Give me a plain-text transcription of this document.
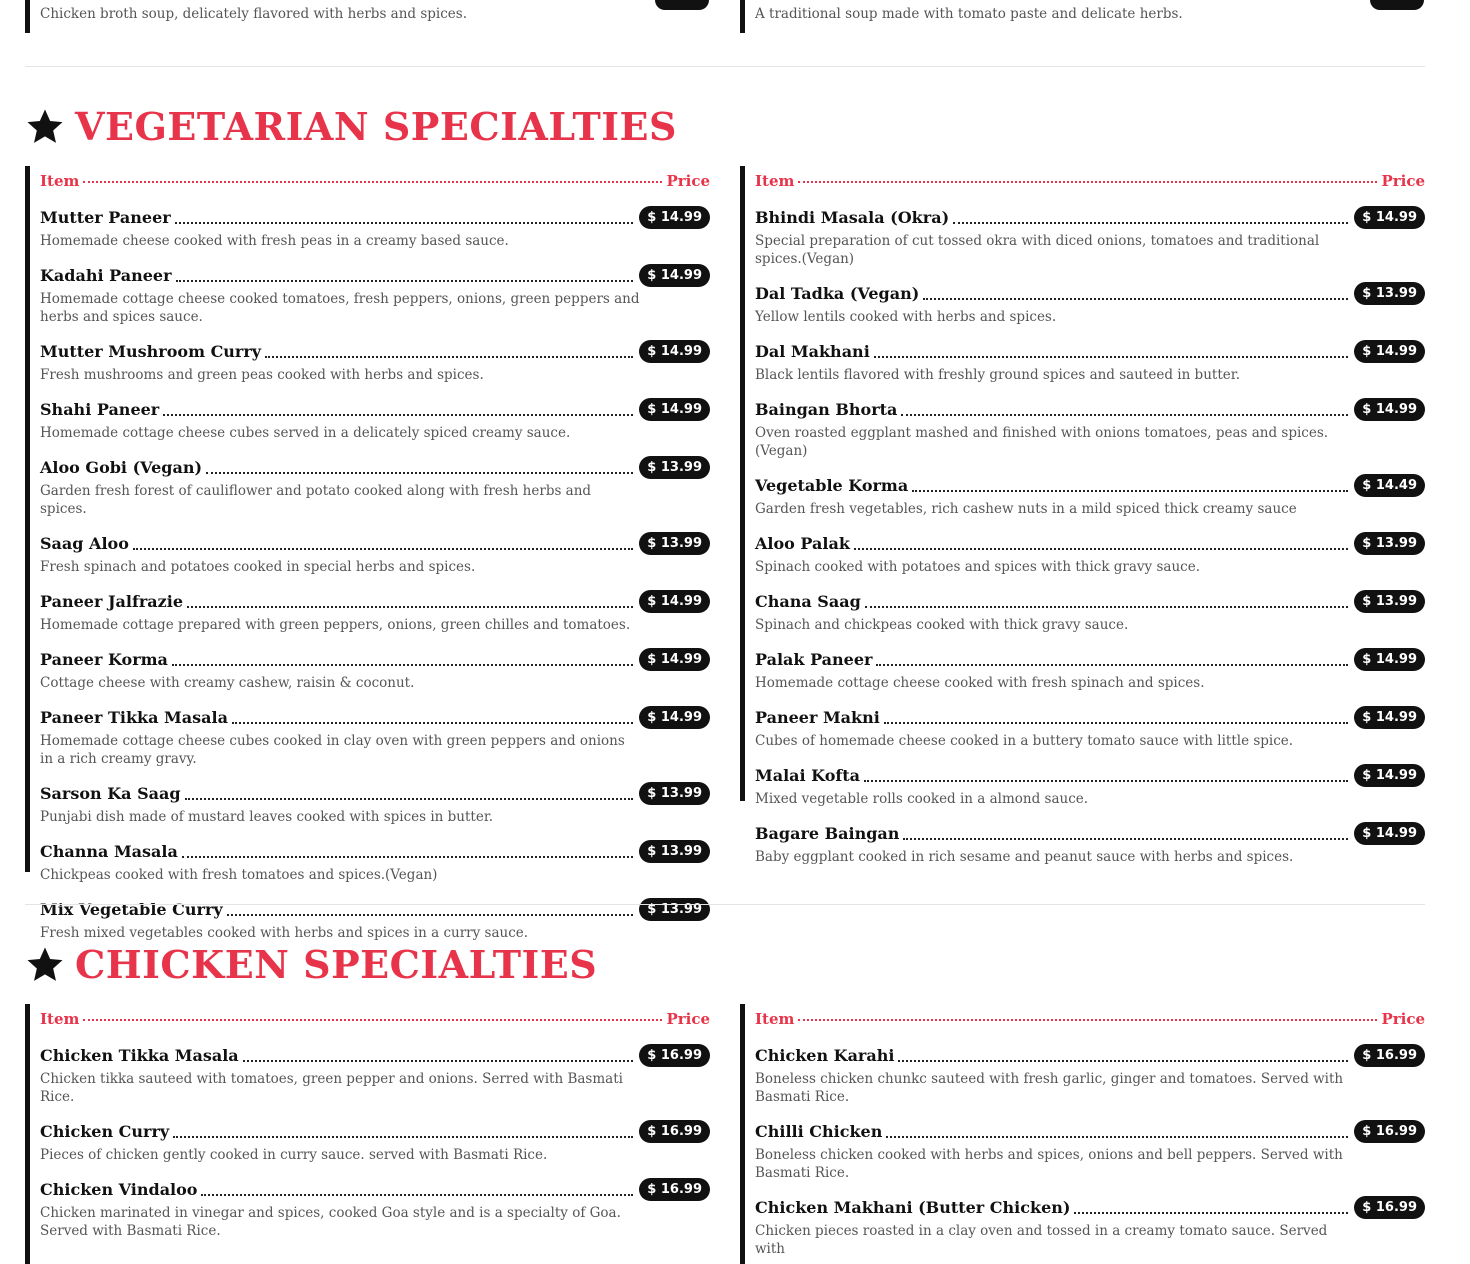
Chicken broth soup, delicately flavored with herbs and spices.	A traditional soup made with tomato paste and delicate herbs.
VEGETARIAN SPECIALTIES
Item	Price
Mutter Paneer	$ 14.99
Homemade cheese cooked with fresh peas in a creamy based sauce.
Kadahi Paneer	$ 14.99
Homemade cottage cheese cooked tomatoes, fresh peppers, onions, green peppers and herbs and spices sauce.
Mutter Mushroom Curry	$ 14.99
Fresh mushrooms and green peas cooked with herbs and spices.
Shahi Paneer	$ 14.99
Homemade cottage cheese cubes served in a delicately spiced creamy sauce.
Aloo Gobi (Vegan)	$ 13.99
Garden fresh forest of cauliflower and potato cooked along with fresh herbs and spices.
Saag Aloo	$ 13.99
Fresh spinach and potatoes cooked in special herbs and spices.
Paneer Jalfrazie	$ 14.99
Homemade cottage prepared with green peppers, onions, green chilles and tomatoes.
Paneer Korma	$ 14.99
Cottage cheese with creamy cashew, raisin & coconut.
Paneer Tikka Masala	$ 14.99
Homemade cottage cheese cubes cooked in clay oven with green peppers and onions in a rich creamy gravy.
Sarson Ka Saag	$ 13.99
Punjabi dish made of mustard leaves cooked with spices in butter.
Channa Masala	$ 13.99
Chickpeas cooked with fresh tomatoes and spices.(Vegan)
Mix Vegetable Curry	$ 13.99
Fresh mixed vegetables cooked with herbs and spices in a curry sauce.
Item	Price
Bhindi Masala (Okra)	$ 14.99
Special preparation of cut tossed okra with diced onions, tomatoes and traditional spices.(Vegan)
Dal Tadka (Vegan)	$ 13.99
Yellow lentils cooked with herbs and spices.
Dal Makhani	$ 14.99
Black lentils flavored with freshly ground spices and sauteed in butter.
Baingan Bhorta	$ 14.99
Oven roasted eggplant mashed and finished with onions tomatoes, peas and spices.(Vegan)
Vegetable Korma	$ 14.49
Garden fresh vegetables, rich cashew nuts in a mild spiced thick creamy sauce
Aloo Palak	$ 13.99
Spinach cooked with potatoes and spices with thick gravy sauce.
Chana Saag	$ 13.99
Spinach and chickpeas cooked with thick gravy sauce.
Palak Paneer	$ 14.99
Homemade cottage cheese cooked with fresh spinach and spices.
Paneer Makni	$ 14.99
Cubes of homemade cheese cooked in a buttery tomato sauce with little spice.
Malai Kofta	$ 14.99
Mixed vegetable rolls cooked in a almond sauce.
Bagare Baingan	$ 14.99
Baby eggplant cooked in rich sesame and peanut sauce with herbs and spices.
CHICKEN SPECIALTIES
Item	Price
Chicken Tikka Masala	$ 16.99
Chicken tikka sauteed with tomatoes, green pepper and onions. Serred with Basmati Rice.
Chicken Curry	$ 16.99
Pieces of chicken gently cooked in curry sauce. served with Basmati Rice.
Chicken Vindaloo	$ 16.99
Chicken marinated in vinegar and spices, cooked Goa style and is a specialty of Goa. Served with Basmati Rice.
Item	Price
Chicken Karahi	$ 16.99
Boneless chicken chunkc sauteed with fresh garlic, ginger and tomatoes. Served with Basmati Rice.
Chilli Chicken	$ 16.99
Boneless chicken cooked with herbs and spices, onions and bell peppers. Served with Basmati Rice.
Chicken Makhani (Butter Chicken)	$ 16.99
Chicken pieces roasted in a clay oven and tossed in a creamy tomato sauce. Served with
